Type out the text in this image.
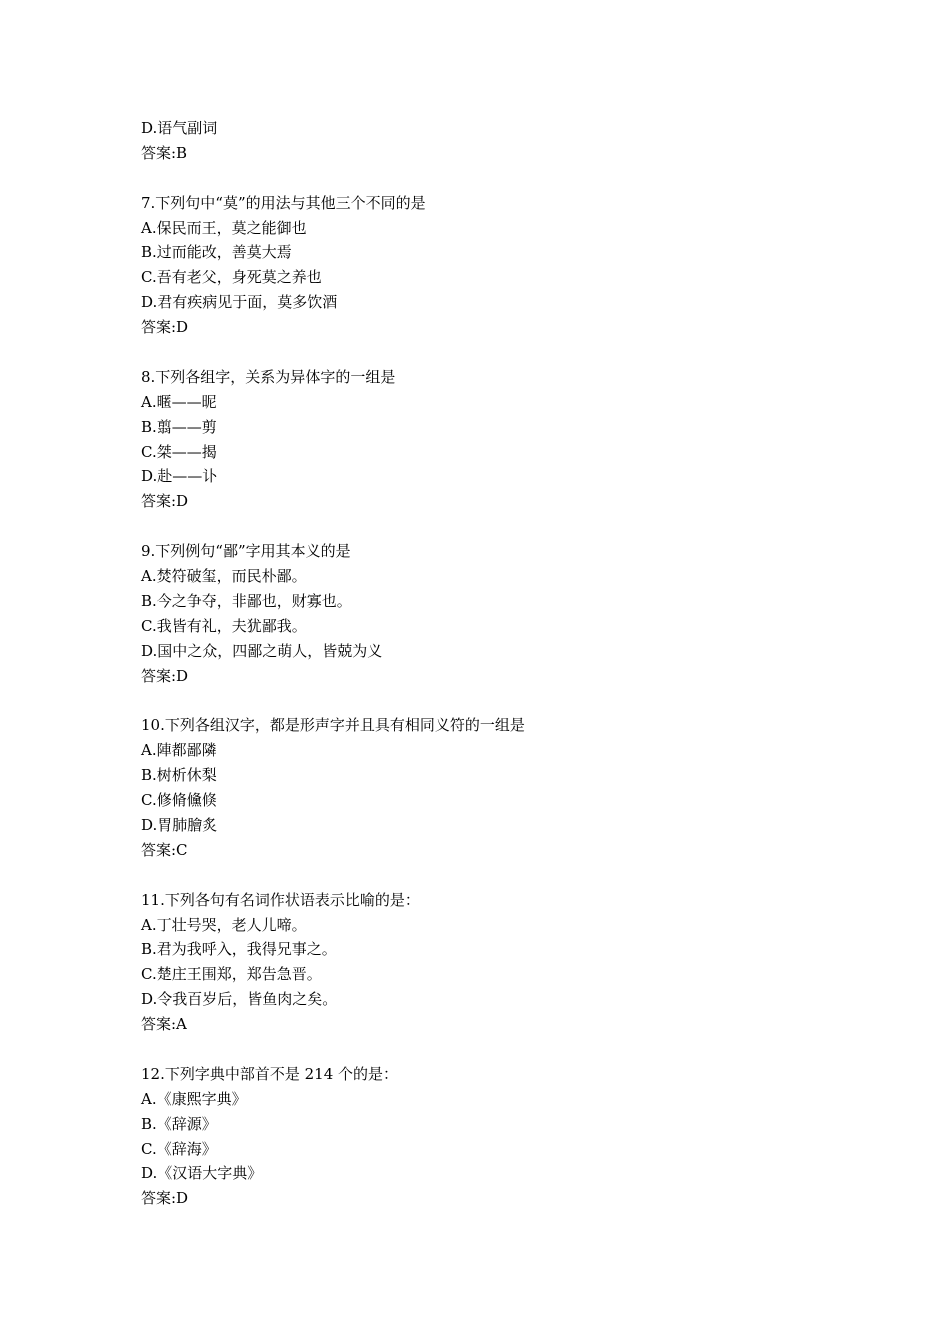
D.语气副词
答案:B
7.下列句中“莫”的用法与其他三个不同的是
A.保民而王，莫之能御也
B.过而能改，善莫大焉
C.吾有老父，身死莫之养也
D.君有疾病见于面，莫多饮酒
答案:D
8.下列各组字，关系为异体字的一组是
A.暱——昵
B.翦——剪
C.桀——揭
D.赴——讣
答案:D
9.下列例句“鄙”字用其本义的是
A.焚符破玺，而民朴鄙。
B.今之争夺，非鄙也，财寡也。
C.我皆有礼，夫犹鄙我。
D.国中之众，四鄙之萌人，皆兢为义
答案:D
10.下列各组汉字，都是形声字并且具有相同义符的一组是
A.陣都鄙隣
B.树析休梨
C.修脩儵倏
D.胃肺膾炙
答案:C
11.下列各句有名词作状语表示比喻的是：
A.丁壮号哭，老人儿啼。
B.君为我呼入，我得兄事之。
C.楚庄王围郑，郑告急晋。
D.令我百岁后，皆鱼肉之矣。
答案:A
12.下列字典中部首不是 214 个的是：
A.《康熙字典》
B.《辞源》
C.《辞海》
D.《汉语大字典》
答案:D
